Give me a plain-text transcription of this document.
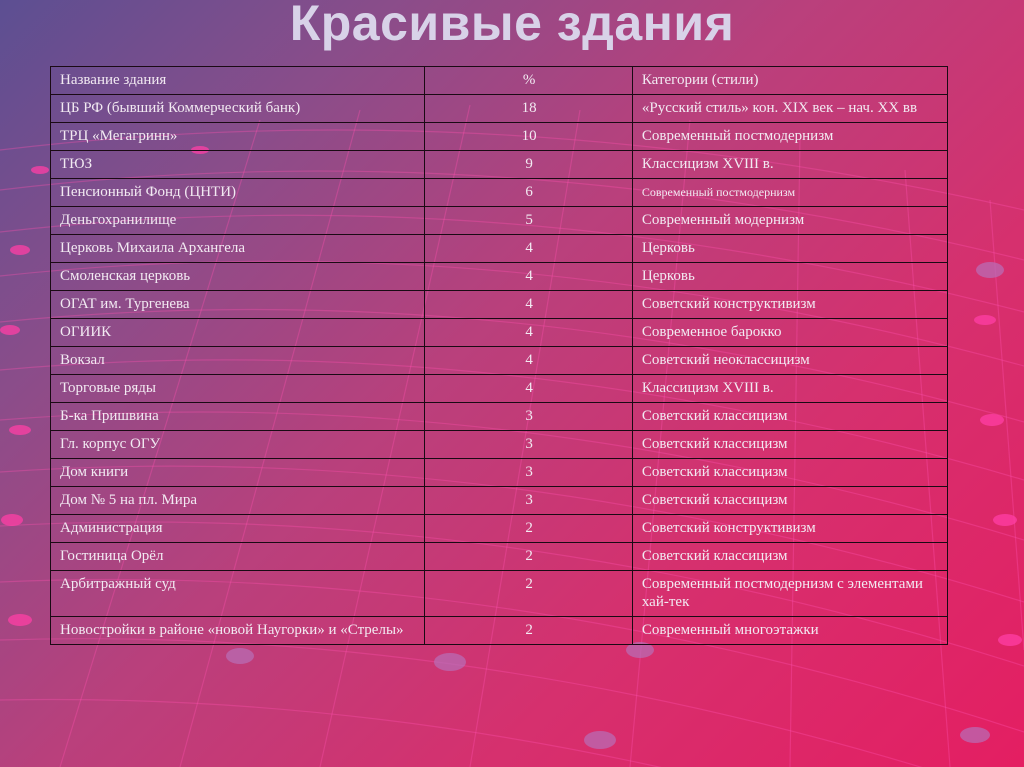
Красивые здания
Название здания	%	Категории (стили)
ЦБ РФ (бывший Коммерческий банк)	18	«Русский стиль» кон. XIX век – нач. XX вв
ТРЦ «Мегагринн»	10	Современный постмодернизм
ТЮЗ	9	Классицизм XVIII в.
Пенсионный Фонд (ЦНТИ)	6	Современный постмодернизм
Деньгохранилище	5	Современный модернизм
Церковь Михаила Архангела	4	Церковь
Смоленская церковь	4	Церковь
ОГАТ им. Тургенева	4	Советский конструктивизм
ОГИИК	4	Современное барокко
Вокзал	4	Советский неоклассицизм
Торговые ряды	4	Классицизм XVIII в.
Б-ка Пришвина	3	Советский классицизм
Гл. корпус ОГУ	3	Советский классицизм
Дом книги	3	Советский классицизм
Дом № 5 на пл. Мира	3	Советский классицизм
Администрация	2	Советский конструктивизм
Гостиница Орёл	2	Советский классицизм
Арбитражный суд	2	Современный постмодернизм с элементами хай-тек
Новостройки в районе «новой Наугорки» и «Стрелы»	2	Современный многоэтажки
